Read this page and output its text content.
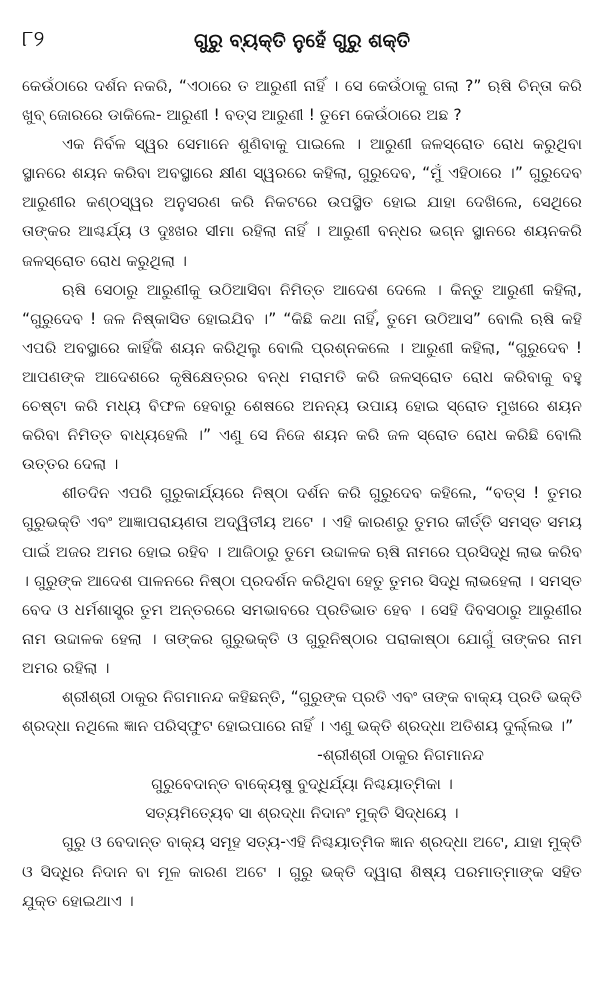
୮୨	ଗୁରୁ ବ୍ୟକ୍ତି ନୁହେଁ ଗୁରୁ ଶକ୍ତି

କେଉଁଠାରେ ଦର୍ଶନ ନକରି, “ଏଠାରେ ତ ଆରୁଣୀ ନାହିଁ । ସେ କେଉଁଠାକୁ ଗଲା ?” ଋଷି ଚିନ୍ତା କରି ଖୁବ୍ ଜୋରରେ ଡାକିଲେ- ଆରୁଣୀ ! ବତ୍ସ ଆରୁଣୀ ! ତୁମେ କେଉଁଠାରେ ଅଛ ?

ଏକ ନିର୍ବଳ ସ୍ୱର ସେମାନେ ଶୁଣିବାକୁ ପାଇଲେ । ଆରୁଣୀ ଜଳସ୍ରୋତ ରୋଧ କରୁଥିବା ସ୍ଥାନରେ ଶୟନ କରିବା ଅବସ୍ଥାରେ କ୍ଷୀଣ ସ୍ୱରରେ କହିଲା, ଗୁରୁଦେବ, “ମୁଁ ଏହିଠାରେ ।” ଗୁରୁଦେବ ଆରୁଣୀର କଣ୍ଠସ୍ୱର ଅନୁସରଣ କରି ନିକଟରେ ଉପସ୍ଥିତ ହୋଇ ଯାହା ଦେଖିଲେ, ସେଥିରେ ତାଙ୍କର ଆଶ୍ଚର୍ଯ୍ୟ ଓ ଦୁଃଖର ସୀମା ରହିଲା ନାହିଁ । ଆରୁଣୀ ବନ୍ଧର ଭଗ୍ନ ସ୍ଥାନରେ ଶୟନକରି ଜଳସ୍ରୋତ ରୋଧ କରୁଥିଲା ।

ଋଷି ସେଠାରୁ ଆରୁଣୀକୁ ଉଠିଆସିବା ନିମିତ୍ତ ଆଦେଶ ଦେଲେ । କିନ୍ତୁ ଆରୁଣୀ କହିଲା, “ଗୁରୁଦେବ ! ଜଳ ନିଷ୍କାସିତ ହୋଇଯିବ ।” “କିଛି କଥା ନାହିଁ, ତୁମେ ଉଠିଆସ” ବୋଲି ଋଷି କହି ଏପରି ଅବସ୍ଥାରେ କାହିଁକି ଶୟନ କରିଥିଲୁ ବୋଲି ପ୍ରଶ୍ନକଲେ । ଆରୁଣୀ କହିଲା, “ଗୁରୁଦେବ ! ଆପଣଙ୍କ ଆଦେଶରେ କୃଷିକ୍ଷେତ୍ରର ବନ୍ଧ ମରାମତି କରି ଜଳସ୍ରୋତ ରୋଧ କରିବାକୁ ବହୁ ଚେଷ୍ଟା କରି ମଧ୍ୟ ବିଫଳ ହେବାରୁ ଶେଷରେ ଅନନ୍ୟ ଉପାୟ ହୋଇ ସ୍ରୋତ ମୁଖରେ ଶୟନ କରିବା ନିମିତ୍ତ ବାଧ୍ୟହେଲି ।” ଏଣୁ ସେ ନିଜେ ଶୟନ କରି ଜଳ ସ୍ରୋତ ରୋଧ କରିଛି ବୋଲି ଉତ୍ତର ଦେଲା ।

ଶୀତଦିନ ଏପରି ଗୁରୁକାର୍ଯ୍ୟରେ ନିଷ୍ଠା ଦର୍ଶନ କରି ଗୁରୁଦେବ କହିଲେ, “ବତ୍ସ ! ତୁମର ଗୁରୁଭକ୍ତି ଏବଂ ଆଜ୍ଞାପରାୟଣତା ଅଦ୍ୱିତୀୟ ଅଟେ । ଏହି କାରଣରୁ ତୁମର କୀର୍ତ୍ତି ସମସ୍ତ ସମୟ ପାଇଁ ଅଜର ଅମର ହୋଇ ରହିବ । ଆଜିଠାରୁ ତୁମେ ଉଦ୍ଦାଳକ ଋଷି ନାମରେ ପ୍ରସିଦ୍ଧି ଲାଭ କରିବ । ଗୁରୁଙ୍କ ଆଦେଶ ପାଳନରେ ନିଷ୍ଠା ପ୍ରଦର୍ଶନ କରିଥିବା ହେତୁ ତୁମର ସିଦ୍ଧି ଲାଭହେଲା । ସମସ୍ତ ବେଦ ଓ ଧର୍ମଶାସ୍ତ୍ର ତୁମ ଅନ୍ତରରେ ସମଭାବରେ ପ୍ରତିଭାତ ହେବ । ସେହି ଦିବସଠାରୁ ଆରୁଣୀର ନାମ ଉଦ୍ଦାଳକ ହେଲା । ତାଙ୍କର ଗୁରୁଭକ୍ତି ଓ ଗୁରୁନିଷ୍ଠାର ପରାକାଷ୍ଠା ଯୋଗୁଁ ତାଙ୍କର ନାମ ଅମର ରହିଲା ।

ଶ୍ରୀଶ୍ରୀ ଠାକୁର ନିଗମାନନ୍ଦ କହିଛନ୍ତି, “ଗୁରୁଙ୍କ ପ୍ରତି ଏବଂ ତାଙ୍କ ବାକ୍ୟ ପ୍ରତି ଭକ୍ତି ଶ୍ରଦ୍ଧା ନଥିଲେ ଜ୍ଞାନ ପରିସ୍ଫୁଟ ହୋଇପାରେ ନାହିଁ । ଏଣୁ ଭକ୍ତି ଶ୍ରଦ୍ଧା ଅତିଶୟ ଦୁର୍ଲ୍ଲଭ ।”

-ଶ୍ରୀଶ୍ରୀ ଠାକୁର ନିଗମାନନ୍ଦ

ଗୁରୁବେଦାନ୍ତ ବାକ୍ୟେଷୁ ବୁଦ୍ଧିର୍ଯ୍ୟା ନିଶ୍ଚୟାତ୍ମିକା ।

ସତ୍ୟମିତ୍ୟେବ ସା ଶ୍ରଦ୍ଧା ନିଦାନଂ ମୁକ୍ତି ସିଦ୍ଧୟେ ।

ଗୁରୁ ଓ ବେଦାନ୍ତ ବାକ୍ୟ ସମୂହ ସତ୍ୟ-ଏହି ନିଶ୍ଚୟାତ୍ମିକ ଜ୍ଞାନ ଶ୍ରଦ୍ଧା ଅଟେ, ଯାହା ମୁକ୍ତି ଓ ସିଦ୍ଧିର ନିଦାନ ବା ମୂଳ କାରଣ ଅଟେ । ଗୁରୁ ଭକ୍ତି ଦ୍ୱାରା ଶିଷ୍ୟ ପରମାତ୍ମାଙ୍କ ସହିତ ଯୁକ୍ତ ହୋଇଥାଏ ।
